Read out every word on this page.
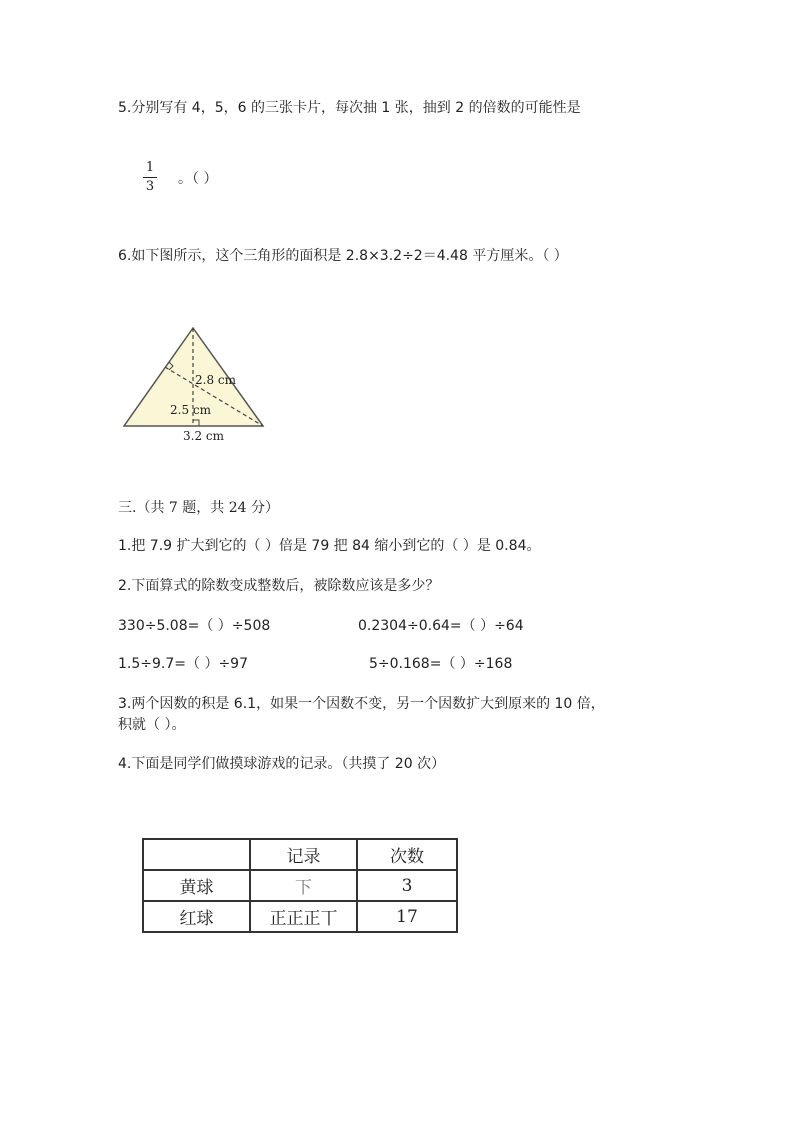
5.分别写有 4，5，6 的三张卡片，每次抽 1 张，抽到 2 的倍数的可能性是
1
3 。（ ）
6.如下图所示，这个三角形的面积是 2.8×3.2÷2＝4.48 平方厘米。（ ）
2.8 cm
2.5 cm
3.2 cm
三.（共 7 题，共 24 分）
1.把 7.9 扩大到它的（ ）倍是 79 把 84 缩小到它的（ ）是 0.84。
2.下面算式的除数变成整数后，被除数应该是多少？
330÷5.08=（ ）÷508	0.2304÷0.64=（ ）÷64
1.5÷9.7=（ ）÷97	5÷0.168=（ ）÷168
3.两个因数的积是 6.1，如果一个因数不变，另一个因数扩大到原来的 10 倍，
积就（ ）。
4.下面是同学们做摸球游戏的记录。（共摸了 20 次）
	记录	次数
黄球	下	3
红球	正正正丅	17
